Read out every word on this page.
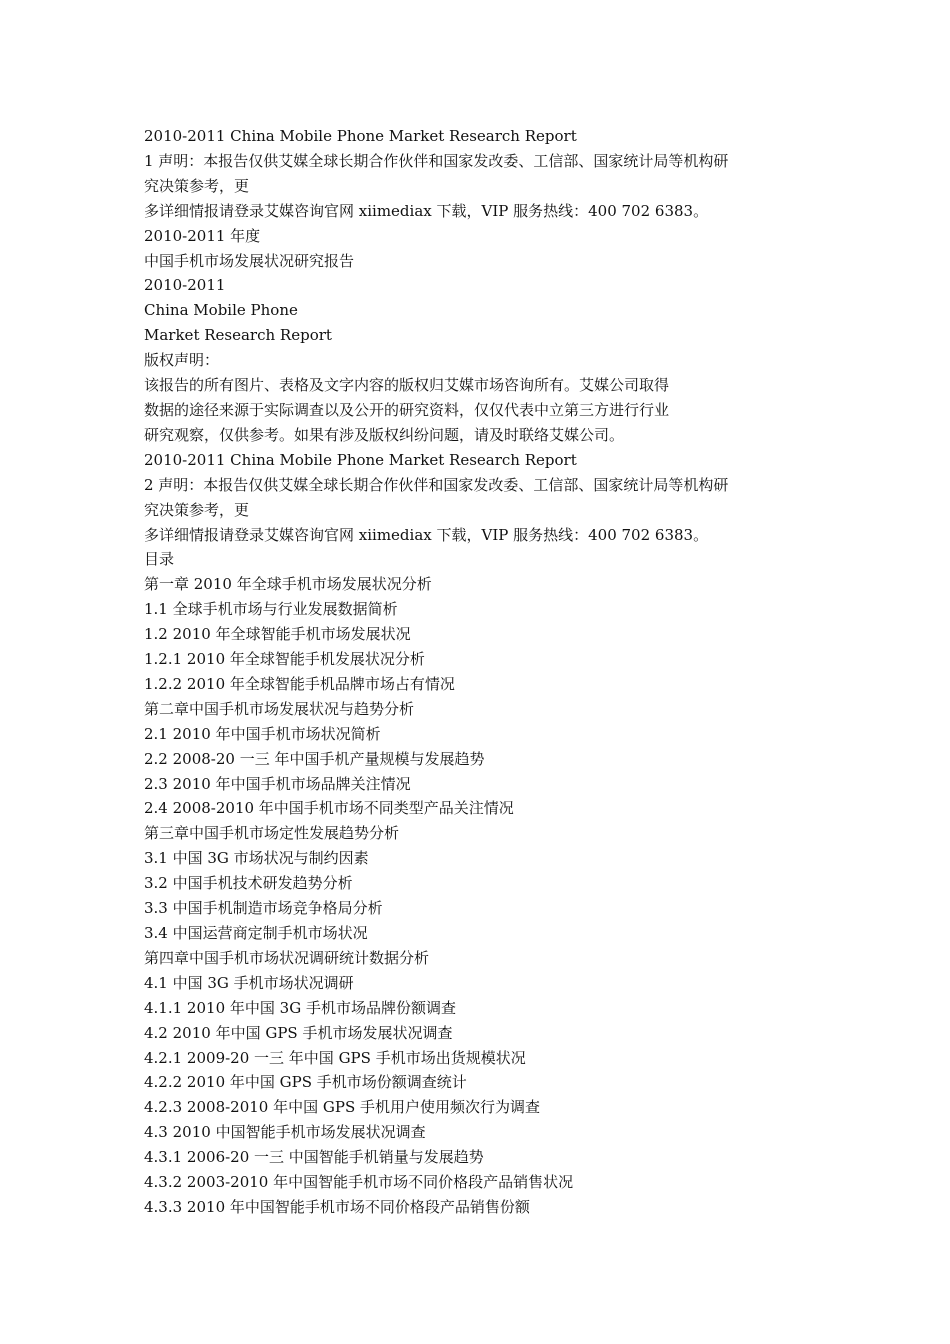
2010-2011 China Mobile Phone Market Research Report

1 声明：本报告仅供艾媒全球长期合作伙伴和国家发改委、工信部、国家统计局等机构研

究决策参考，更

多详细情报请登录艾媒咨询官网 xiimediax 下载，VIP 服务热线：400 702 6383。

2010-2011 年度

中国手机市场发展状况研究报告

2010-2011

China Mobile Phone

Market Research Report

版权声明：

该报告的所有图片、表格及文字内容的版权归艾媒市场咨询所有。艾媒公司取得

数据的途径来源于实际调查以及公开的研究资料，仅仅代表中立第三方进行行业

研究观察，仅供参考。如果有涉及版权纠纷问题，请及时联络艾媒公司。

2010-2011 China Mobile Phone Market Research Report

2 声明：本报告仅供艾媒全球长期合作伙伴和国家发改委、工信部、国家统计局等机构研

究决策参考，更

多详细情报请登录艾媒咨询官网 xiimediax 下载，VIP 服务热线：400 702 6383。

目录

第一章 2010 年全球手机市场发展状况分析

1.1 全球手机市场与行业发展数据简析

1.2 2010 年全球智能手机市场发展状况

1.2.1 2010 年全球智能手机发展状况分析

1.2.2 2010 年全球智能手机品牌市场占有情况

第二章中国手机市场发展状况与趋势分析

2.1 2010 年中国手机市场状况简析

2.2 2008-20 一三 年中国手机产量规模与发展趋势

2.3 2010 年中国手机市场品牌关注情况

2.4 2008-2010 年中国手机市场不同类型产品关注情况

第三章中国手机市场定性发展趋势分析

3.1 中国 3G 市场状况与制约因素

3.2 中国手机技术研发趋势分析

3.3 中国手机制造市场竞争格局分析

3.4 中国运营商定制手机市场状况

第四章中国手机市场状况调研统计数据分析

4.1 中国 3G 手机市场状况调研

4.1.1 2010 年中国 3G 手机市场品牌份额调查

4.2 2010 年中国 GPS 手机市场发展状况调查

4.2.1 2009-20 一三 年中国 GPS 手机市场出货规模状况

4.2.2 2010 年中国 GPS 手机市场份额调查统计

4.2.3 2008-2010 年中国 GPS 手机用户使用频次行为调查

4.3 2010 中国智能手机市场发展状况调查

4.3.1 2006-20 一三 中国智能手机销量与发展趋势

4.3.2 2003-2010 年中国智能手机市场不同价格段产品销售状况

4.3.3 2010 年中国智能手机市场不同价格段产品销售份额
